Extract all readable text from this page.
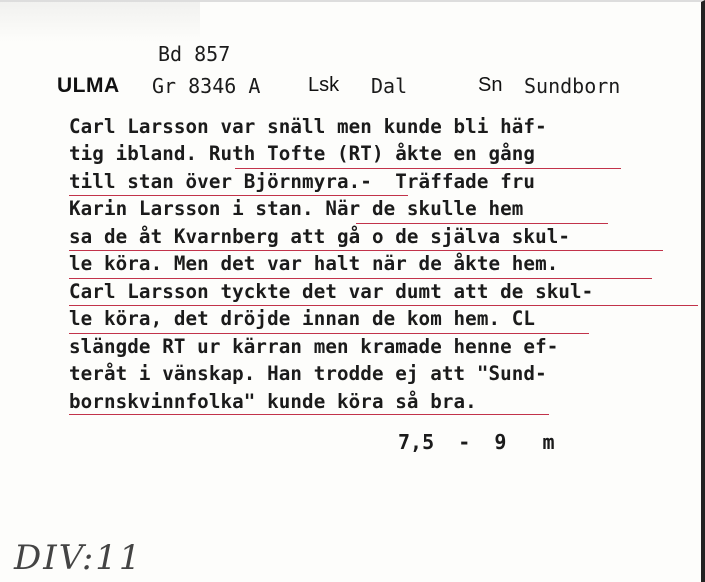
Bd 857
ULMA Gr 8346 A Lsk Dal	Sn Sundborn
Carl Larsson var snäll men kunde bli häf-
tig ibland. Ruth Tofte (RT) åkte en gång
till stan över Björnmyra.-  Träffade fru
Karin Larsson i stan. När de skulle hem
sa de åt Kvarnberg att gå o de själva skul-
le köra. Men det var halt när de åkte hem.
Carl Larsson tyckte det var dumt att de skul-
le köra, det dröjde innan de kom hem. CL
slängde RT ur kärran men kramade henne ef-
teråt i vänskap. Han trodde ej att "Sund-
bornskvinnfolka" kunde köra så bra.
7,5  -  9   m
DIV:11
